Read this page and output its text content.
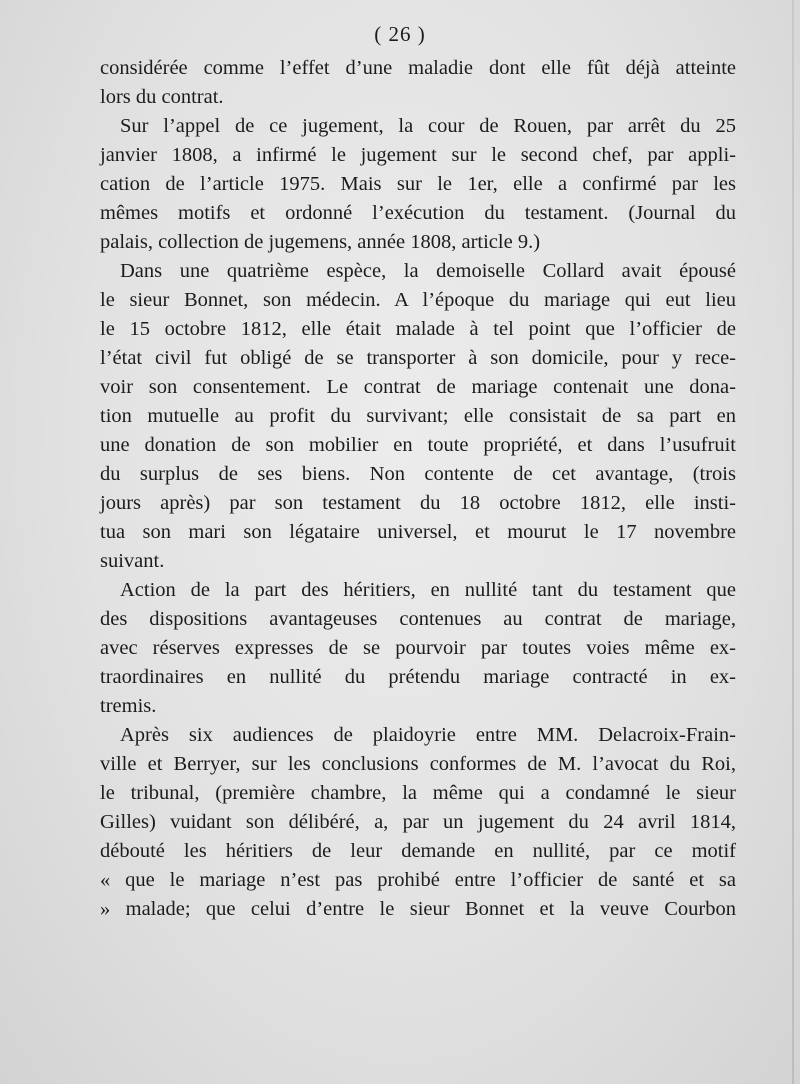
( 26 )
considérée comme l’effet d’une maladie dont elle fût déjà atteinte
lors du contrat.
Sur l’appel de ce jugement, la cour de Rouen, par arrêt du 25
janvier 1808, a infirmé le jugement sur le second chef, par appli-
cation de l’article 1975. Mais sur le 1er, elle a confirmé par les
mêmes motifs et ordonné l’exécution du testament. (Journal du
palais, collection de jugemens, année 1808, article 9.)
Dans une quatrième espèce, la demoiselle Collard avait épousé
le sieur Bonnet, son médecin. A l’époque du mariage qui eut lieu
le 15 octobre 1812, elle était malade à tel point que l’officier de
l’état civil fut obligé de se transporter à son domicile, pour y rece-
voir son consentement. Le contrat de mariage contenait une dona-
tion mutuelle au profit du survivant; elle consistait de sa part en
une donation de son mobilier en toute propriété, et dans l’usufruit
du surplus de ses biens. Non contente de cet avantage, (trois
jours après) par son testament du 18 octobre 1812, elle insti-
tua son mari son légataire universel, et mourut le 17 novembre
suivant.
Action de la part des héritiers, en nullité tant du testament que
des dispositions avantageuses contenues au contrat de mariage,
avec réserves expresses de se pourvoir par toutes voies même ex-
traordinaires en nullité du prétendu mariage contracté in ex-
tremis.
Après six audiences de plaidoyrie entre MM. Delacroix-Frain-
ville et Berryer, sur les conclusions conformes de M. l’avocat du Roi,
le tribunal, (première chambre, la même qui a condamné le sieur
Gilles) vuidant son délibéré, a, par un jugement du 24 avril 1814,
débouté les héritiers de leur demande en nullité, par ce motif
« que le mariage n’est pas prohibé entre l’officier de santé et sa
» malade; que celui d’entre le sieur Bonnet et la veuve Courbon
